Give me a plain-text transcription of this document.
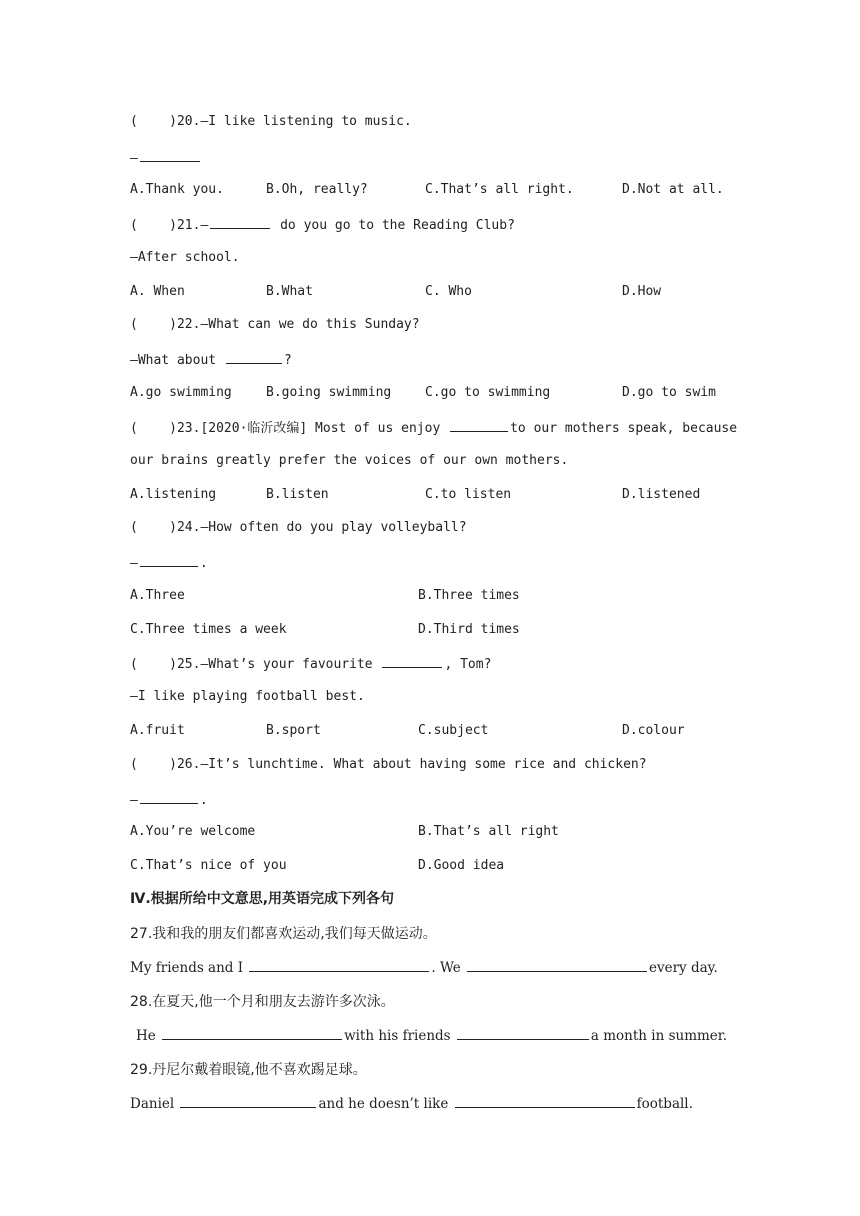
(    )20.—I like listening to music.
—
A.Thank you.	B.Oh, really?	C.That’s all right.	D.Not at all.
(    )21.—	do you go to the Reading Club?
—After school.
A. When	B.What	C. Who	D.How
(    )22.—What can we do this Sunday?
—What about	?
A.go swimming	B.going swimming	C.go to swimming	D.go to swim
(    )23.[2020·临沂改编] Most of us enjoy	to our mothers speak, because
our brains greatly prefer the voices of our own mothers.
A.listening	B.listen	C.to listen	D.listened
(    )24.—How often do you play volleyball?
—	.
A.Three	B.Three times
C.Three times a week	D.Third times
(    )25.—What’s your favourite	, Tom?
—I like playing football best.
A.fruit	B.sport	C.subject	D.colour
(    )26.—It’s lunchtime. What about having some rice and chicken?
—	.
A.You’re welcome	B.That’s all right
C.That’s nice of you	D.Good idea
Ⅳ.根据所给中文意思,用英语完成下列各句
27.我和我的朋友们都喜欢运动,我们每天做运动。
My friends and I	. We	every day.
28.在夏天,他一个月和朋友去游许多次泳。
He	with his friends	a month in summer.
29.丹尼尔戴着眼镜,他不喜欢踢足球。
Daniel	and he doesn’t like	football.
